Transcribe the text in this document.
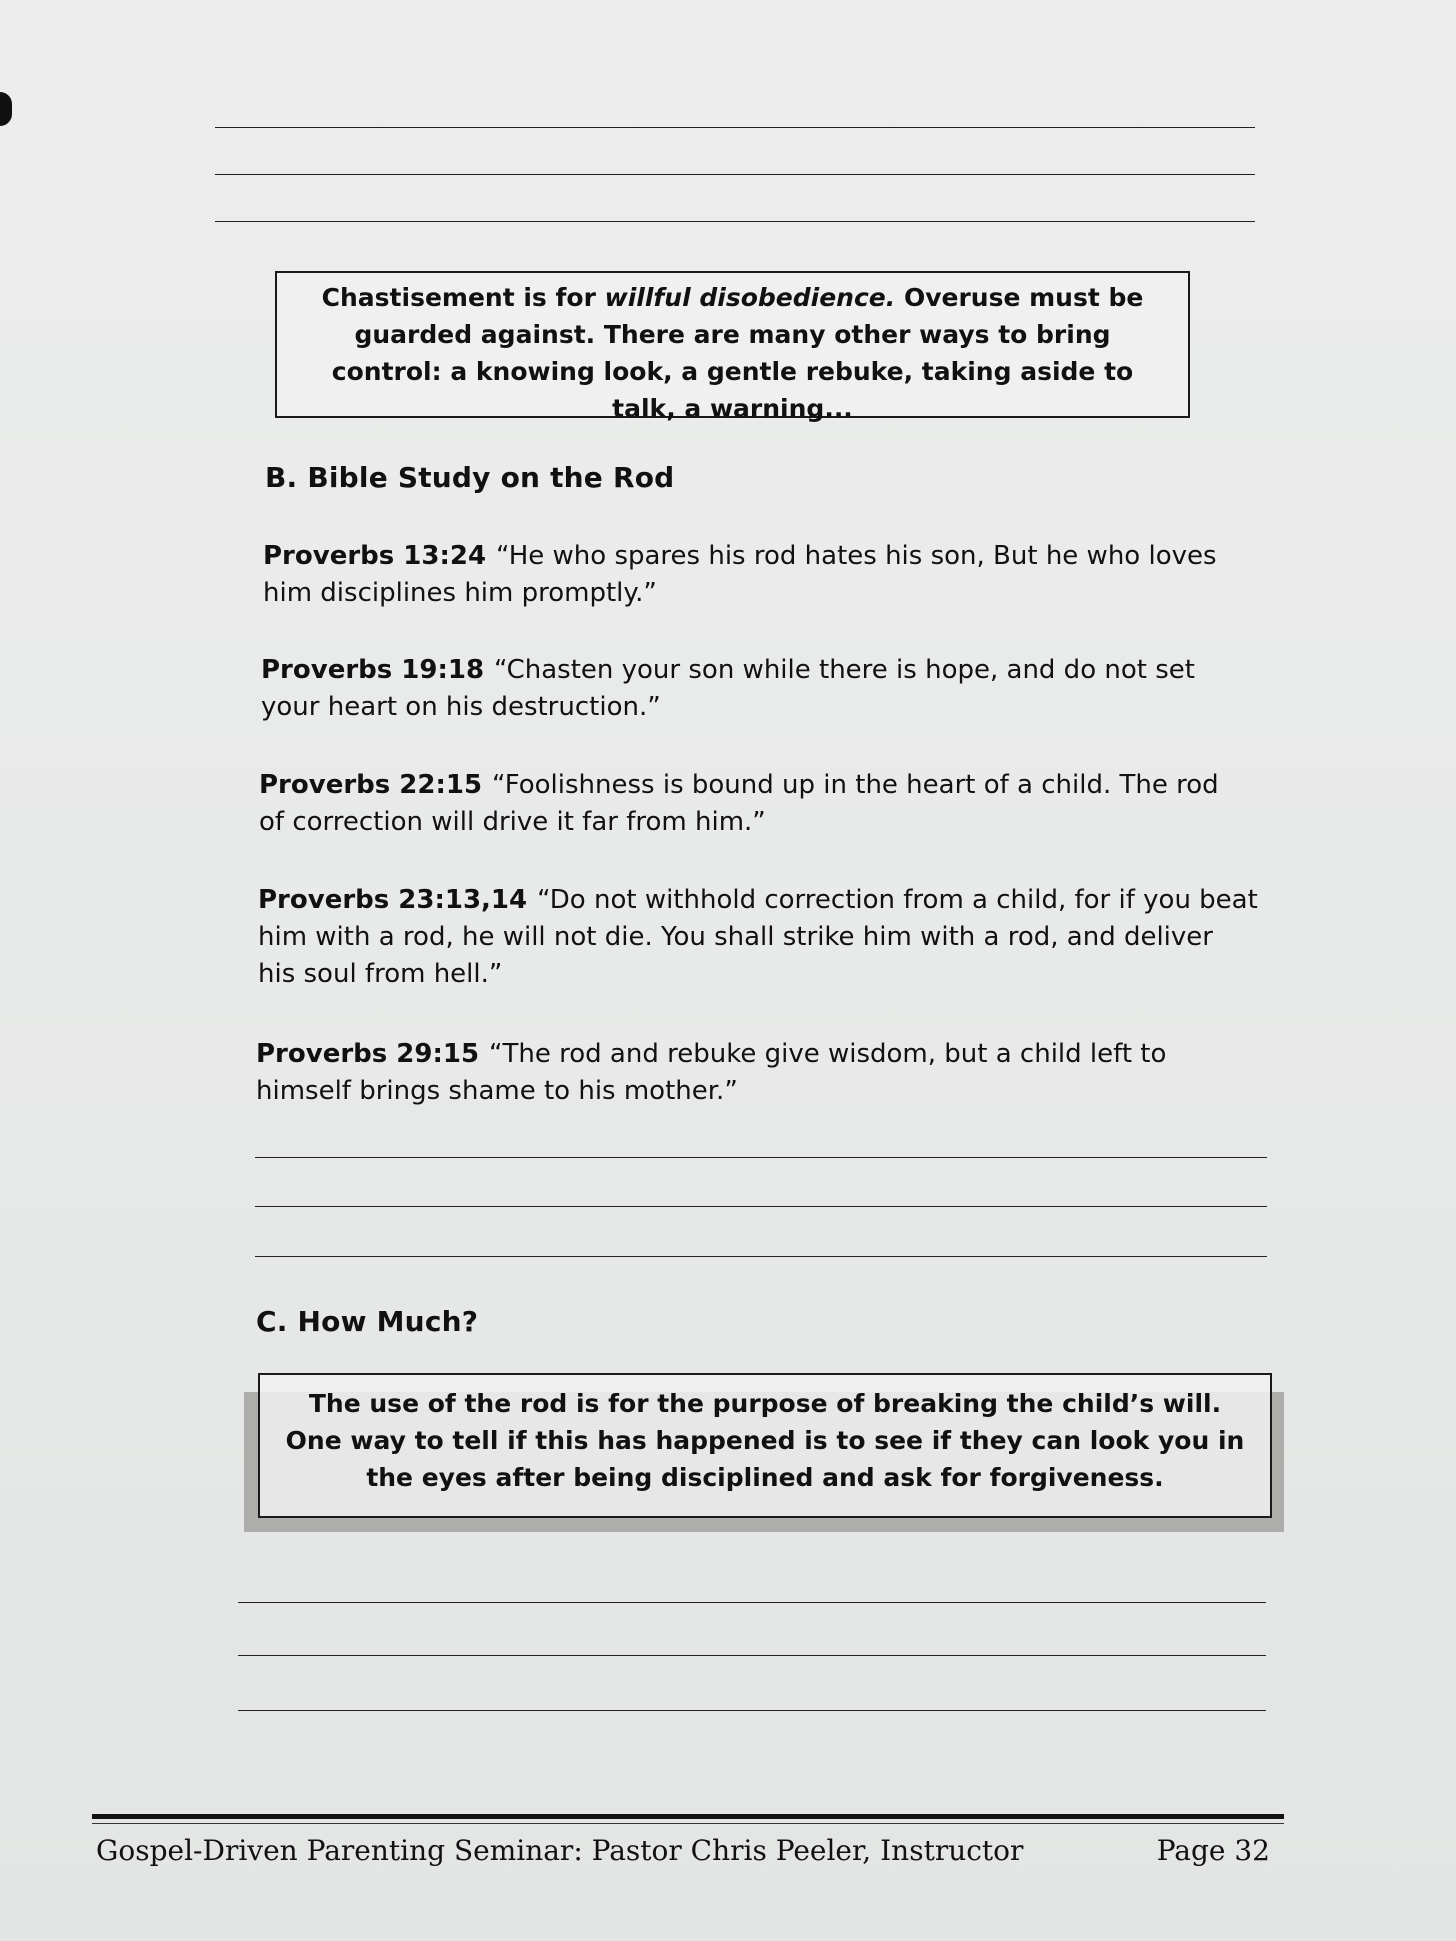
Chastisement is for willful disobedience. Overuse must be guarded against. There are many other ways to bring control: a knowing look, a gentle rebuke, taking aside to talk, a warning...
B. Bible Study on the Rod
Proverbs 13:24 “He who spares his rod hates his son, But he who loves him disciplines him promptly.”
Proverbs 19:18 “Chasten your son while there is hope, and do not set your heart on his destruction.”
Proverbs 22:15 “Foolishness is bound up in the heart of a child. The rod of correction will drive it far from him.”
Proverbs 23:13,14 “Do not withhold correction from a child, for if you beat him with a rod, he will not die. You shall strike him with a rod, and deliver his soul from hell.”
Proverbs 29:15 “The rod and rebuke give wisdom, but a child left to himself brings shame to his mother.”
C. How Much?
The use of the rod is for the purpose of breaking the child’s will. One way to tell if this has happened is to see if they can look you in the eyes after being disciplined and ask for forgiveness.
Gospel-Driven Parenting Seminar: Pastor Chris Peeler, Instructor	Page 32
